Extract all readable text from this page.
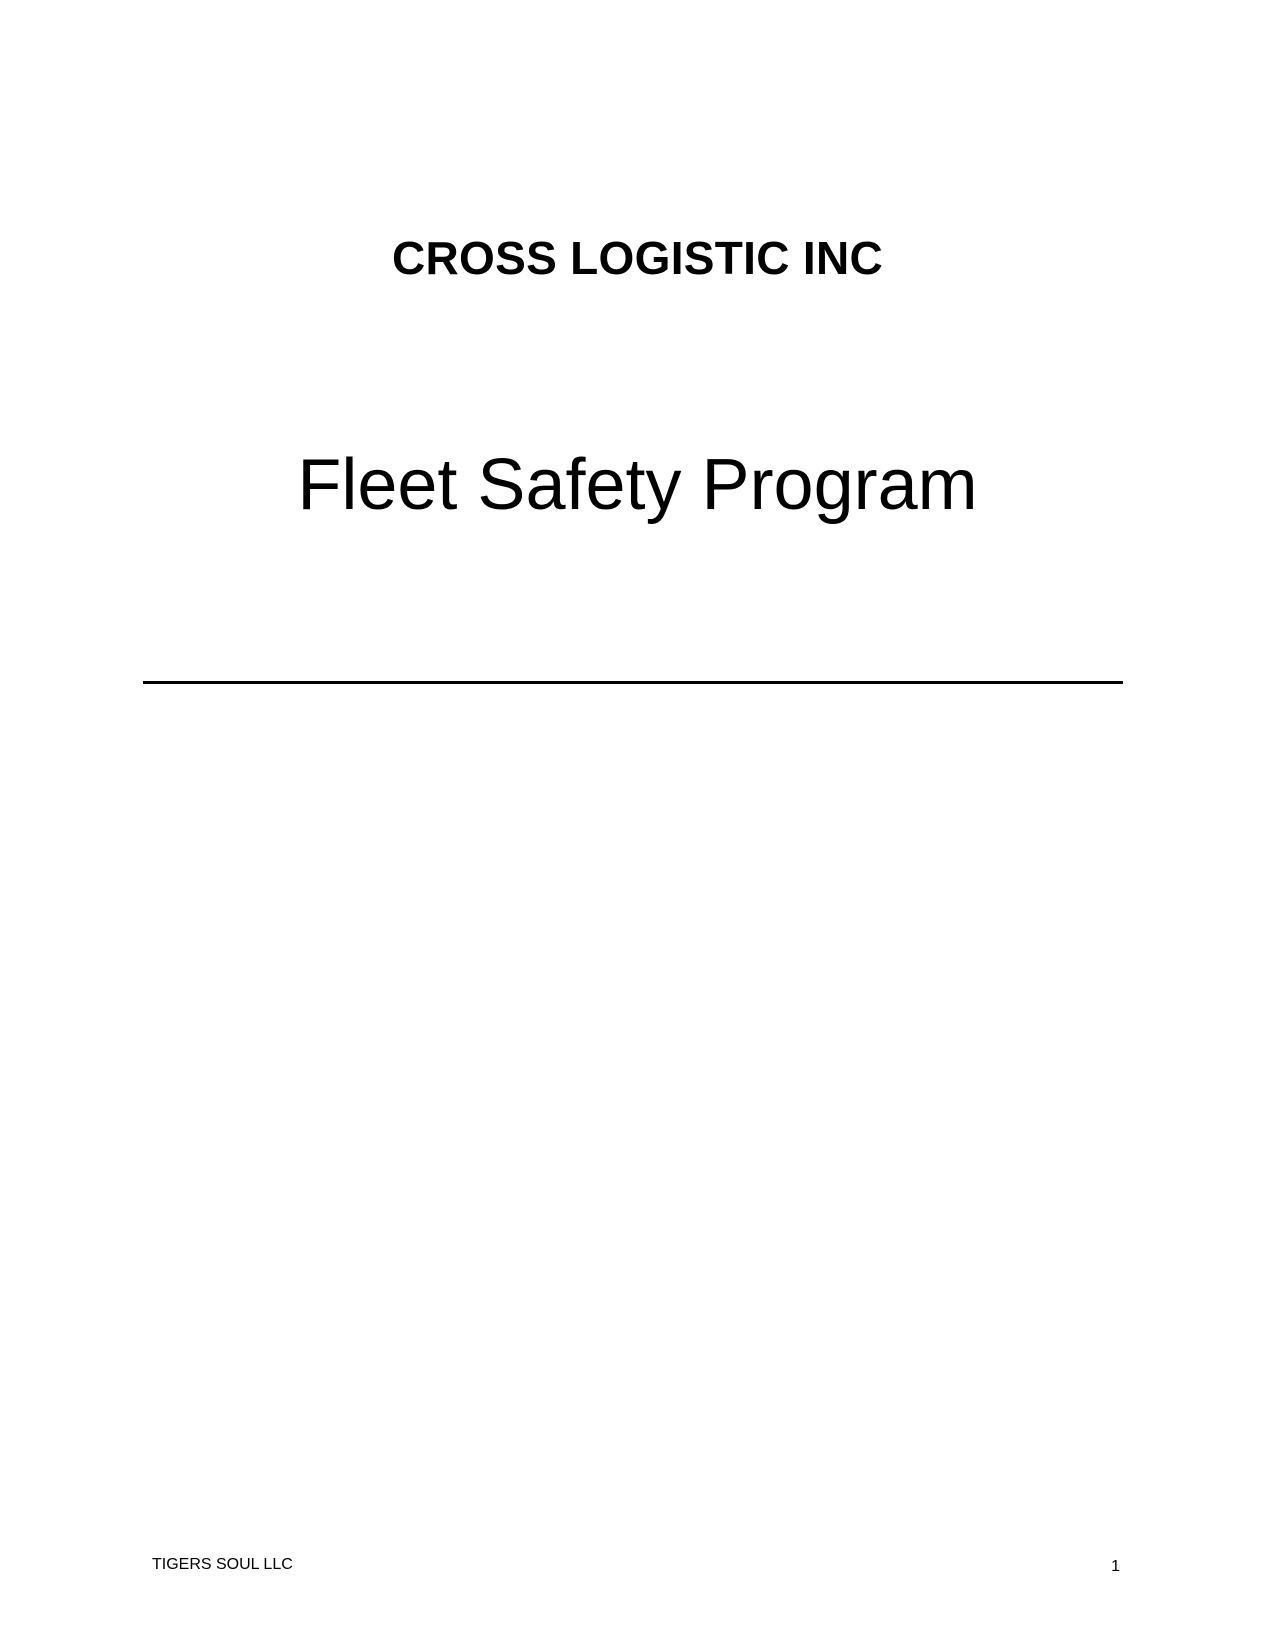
CROSS LOGISTIC INC
Fleet Safety Program
TIGERS SOUL LLC	1
